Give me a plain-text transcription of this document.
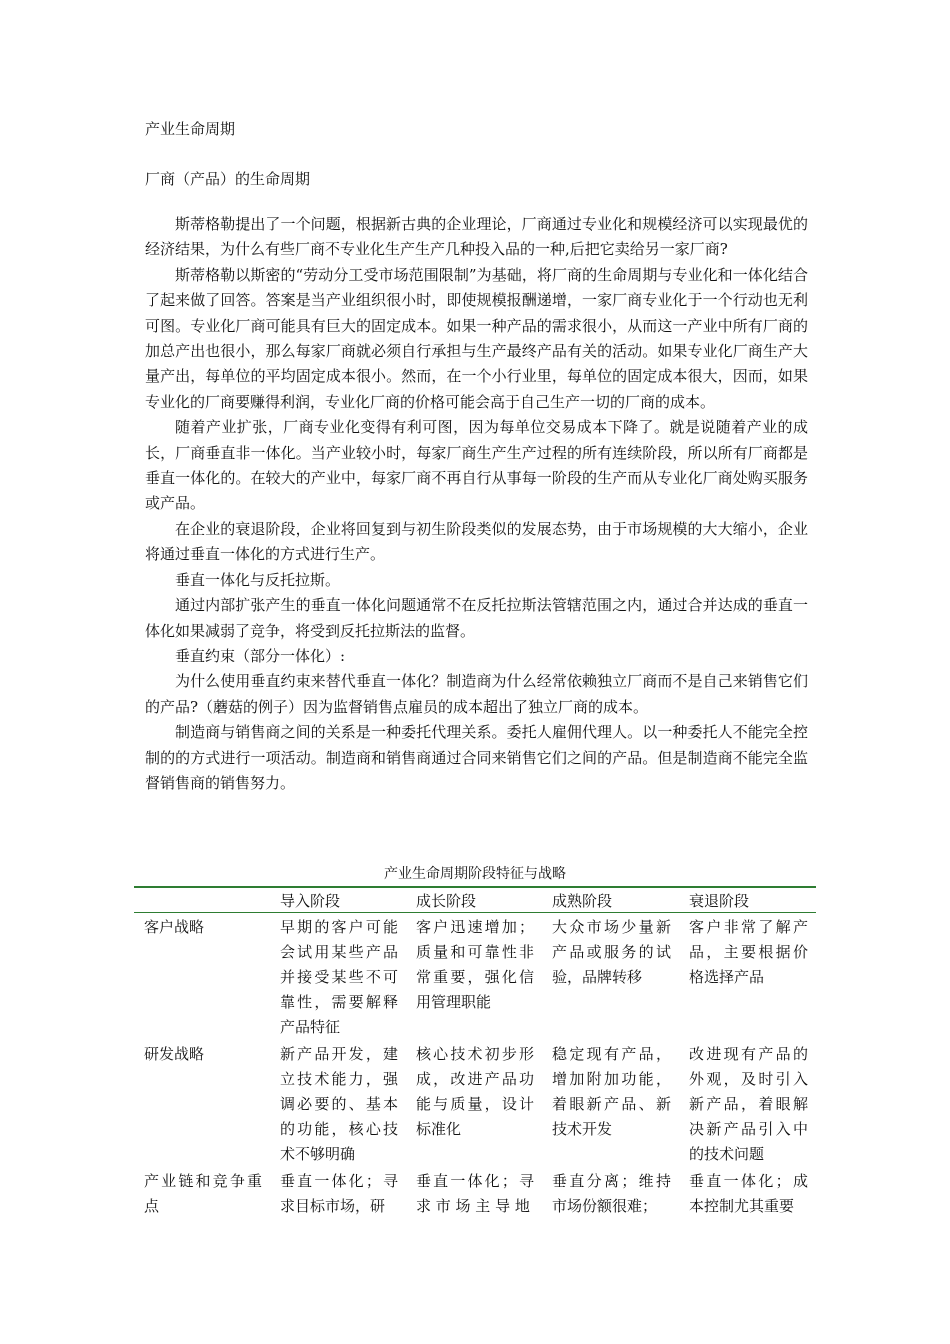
产业生命周期
厂商（产品）的生命周期

斯蒂格勒提出了一个问题，根据新古典的企业理论，厂商通过专业化和规模经济可以实现最优的经济结果，为什么有些厂商不专业化生产生产几种投入品的一种,后把它卖给另一家厂商?

斯蒂格勒以斯密的“劳动分工受市场范围限制”为基础，将厂商的生命周期与专业化和一体化结合了起来做了回答。答案是当产业组织很小时，即使规模报酬递增，一家厂商专业化于一个行动也无利可图。专业化厂商可能具有巨大的固定成本。如果一种产品的需求很小，从而这一产业中所有厂商的加总产出也很小，那么每家厂商就必须自行承担与生产最终产品有关的活动。如果专业化厂商生产大量产出，每单位的平均固定成本很小。然而，在一个小行业里，每单位的固定成本很大，因而，如果专业化的厂商要赚得利润，专业化厂商的价格可能会高于自己生产一切的厂商的成本。

随着产业扩张，厂商专业化变得有利可图，因为每单位交易成本下降了。就是说随着产业的成长，厂商垂直非一体化。当产业较小时，每家厂商生产生产过程的所有连续阶段，所以所有厂商都是垂直一体化的。在较大的产业中，每家厂商不再自行从事每一阶段的生产而从专业化厂商处购买服务或产品。

在企业的衰退阶段，企业将回复到与初生阶段类似的发展态势，由于市场规模的大大缩小，企业将通过垂直一体化的方式进行生产。

垂直一体化与反托拉斯。

通过内部扩张产生的垂直一体化问题通常不在反托拉斯法管辖范围之内，通过合并达成的垂直一体化如果减弱了竞争，将受到反托拉斯法的监督。

垂直约束（部分一体化）:

为什么使用垂直约束来替代垂直一体化？制造商为什么经常依赖独立厂商而不是自己来销售它们的产品?（蘑菇的例子）因为监督销售点雇员的成本超出了独立厂商的成本。

制造商与销售商之间的关系是一种委托代理关系。委托人雇佣代理人。以一种委托人不能完全控制的的方式进行一项活动。制造商和销售商通过合同来销售它们之间的产品。但是制造商不能完全监督销售商的销售努力。

产业生命周期阶段特征与战略
	导入阶段	成长阶段	成熟阶段	衰退阶段
客户战略	早期的客户可能会试用某些产品并接受某些不可靠性，需要解释产品特征	客户迅速增加；质量和可靠性非常重要，强化信用管理职能	大众市场少量新产品或服务的试验，品牌转移	客户非常了解产品，主要根据价格选择产品
研发战略	新产品开发，建立技术能力，强调必要的、基本的功能，核心技术不够明确	核心技术初步形成，改进产品功能与质量，设计标准化	稳定现有产品，增加附加功能，着眼新产品、新技术开发	改进现有产品的外观，及时引入新产品，着眼解决新产品引入中的技术问题
产业链和竞争重点	垂直一体化；寻求目标市场，研	垂直一体化；寻求 市 场 主 导 地	垂直分离；维持市场份额很难；	垂直一体化；成本控制尤其重要
